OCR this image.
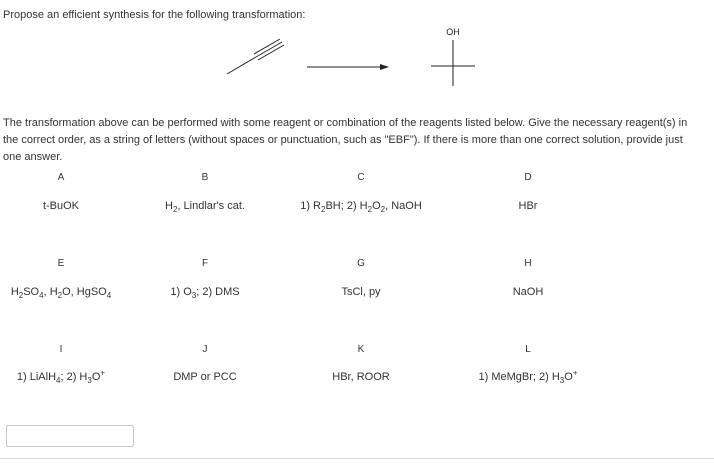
Propose an efficient synthesis for the following transformation:
OH
The transformation above can be performed with some reagent or combination of the reagents listed below. Give the necessary reagent(s) in the correct order, as a string of letters (without spaces or punctuation, such as "EBF"). If there is more than one correct solution, provide just one answer.
A
t-BuOK
B
$H_2$, Lindlar's cat.
C
1) $R_2BH$; 2) $H_2O_2$, NaOH
D
HBr
E
$H_2SO_4$, $H_2O$, HgSO$_4$
F
1) $O_3$; 2) DMS
G
TsCl, py
H
NaOH
I
1) LiAlH$_4$; 2) $H_3O^+$
J
DMP or PCC
K
HBr, ROOR
L
1) MeMgBr; 2) $H_3O^+$
